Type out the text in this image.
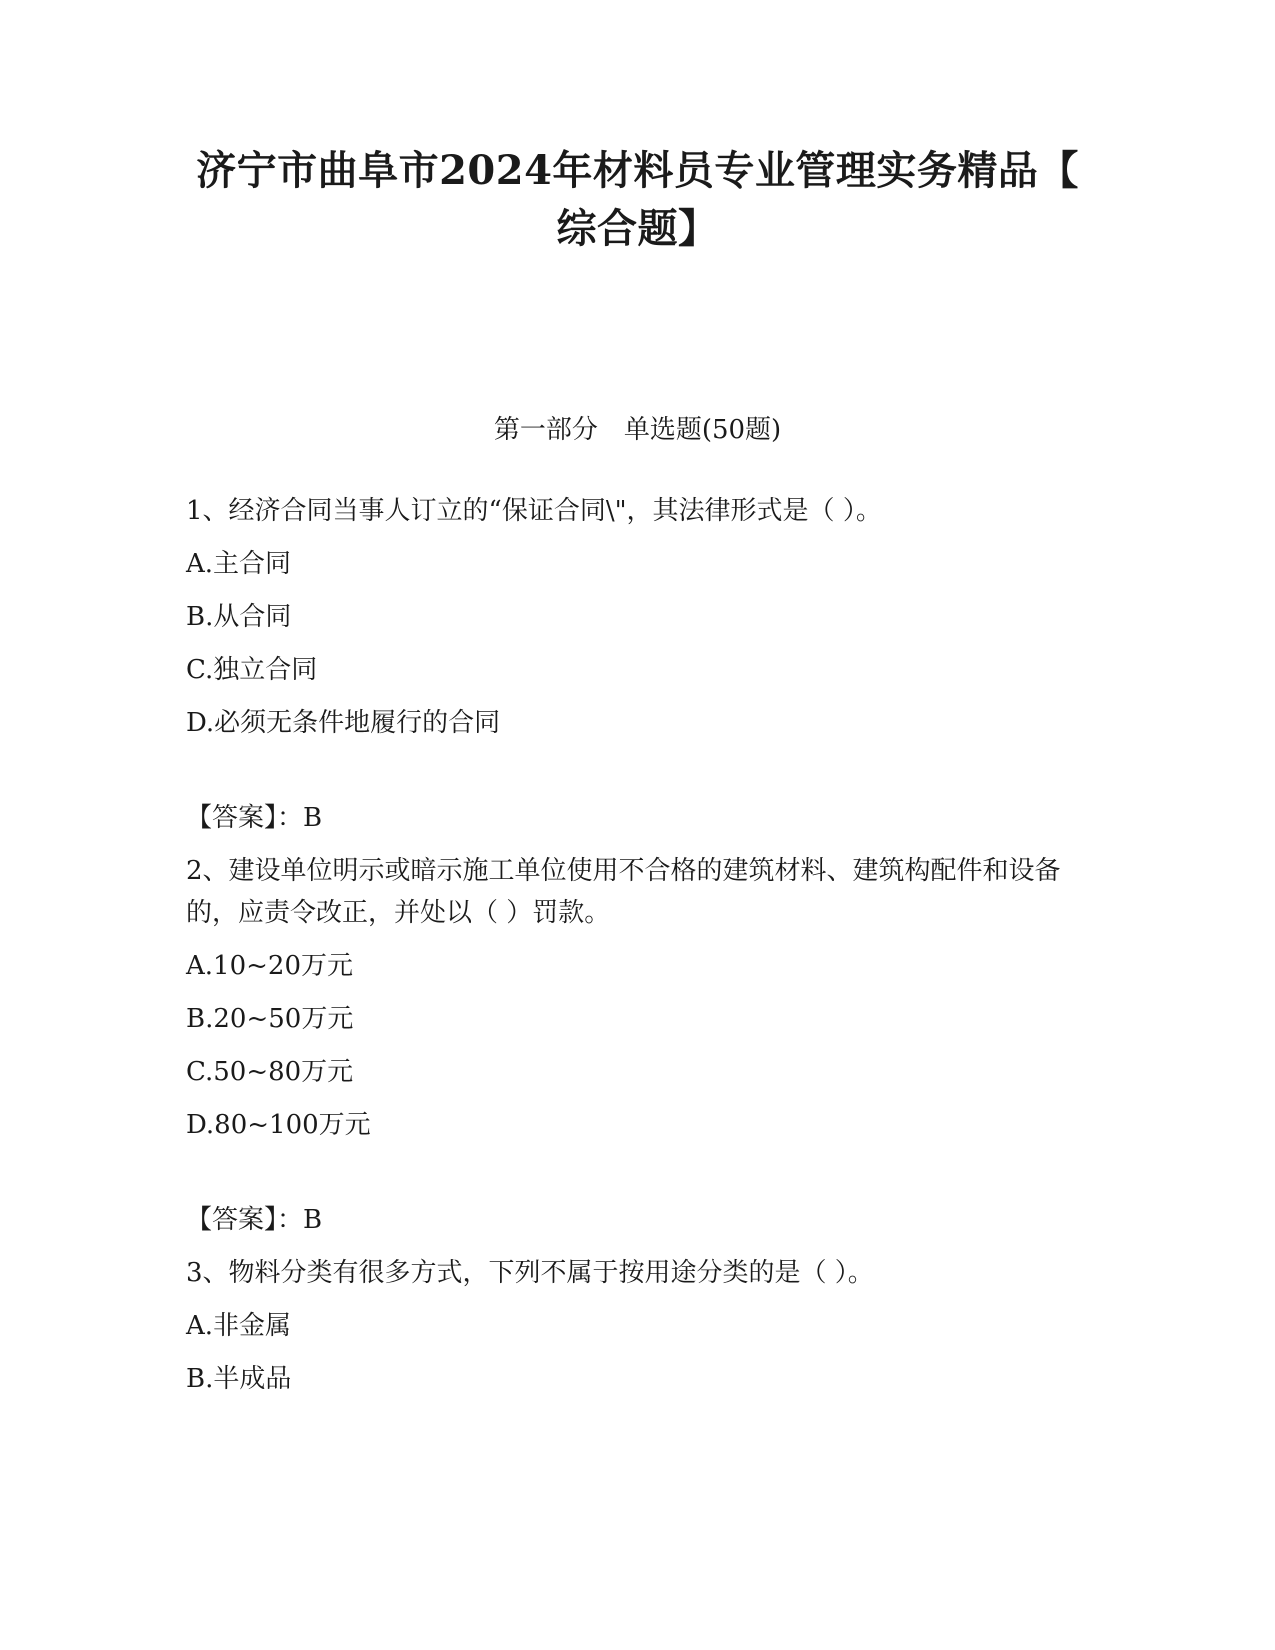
济宁市曲阜市2024年材料员专业管理实务精品【
综合题】
第一部分　单选题(50题)
1、经济合同当事人订立的“保证合同\"，其法律形式是（ ）。
A.主合同
B.从合同
C.独立合同
D.必须无条件地履行的合同
【答案】：B
2、建设单位明示或暗示施工单位使用不合格的建筑材料、建筑构配件和设备的，应责令改正，并处以（ ）罚款。
A.10~20万元
B.20~50万元
C.50~80万元
D.80~100万元
【答案】：B
3、物料分类有很多方式，下列不属于按用途分类的是（ ）。
A.非金属
B.半成品
